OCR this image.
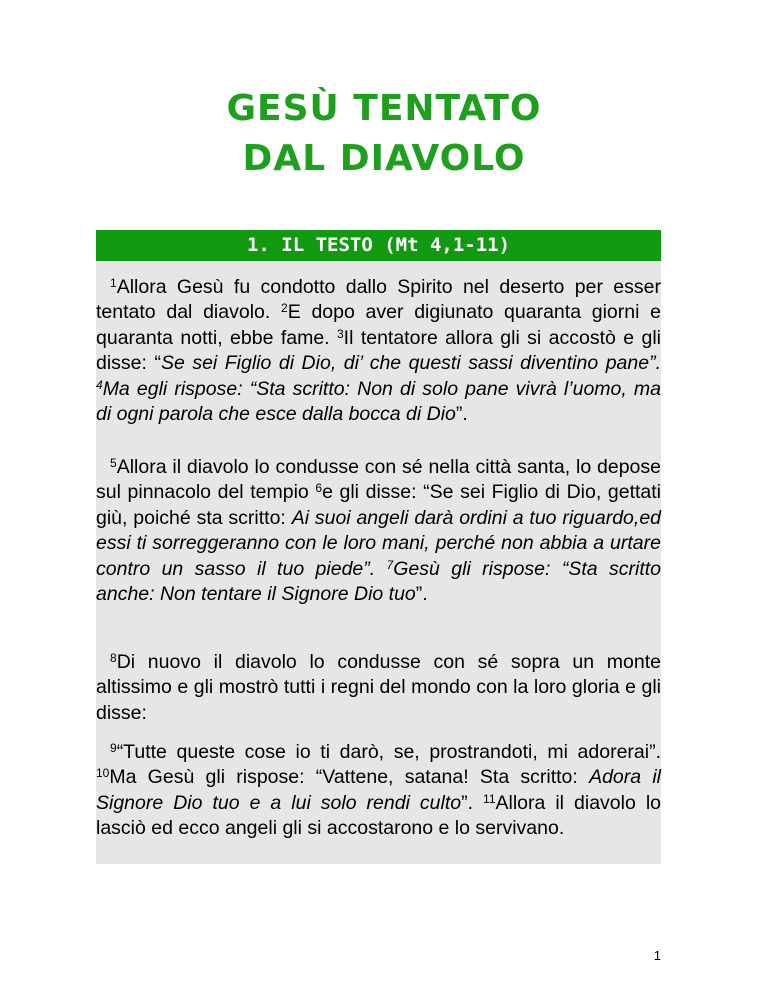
GESÙ TENTATO
DAL DIAVOLO
1. IL TESTO (Mt 4,1-11)
$^1$Allora Gesù fu condotto dallo Spirito nel deserto per esser tentato dal diavolo. $^2$E dopo aver digiunato quaranta giorni e quaranta notti, ebbe fame. $^3$Il tentatore allora gli si accostò e gli disse: “Se sei Figlio di Dio, di’ che questi sassi diventino pane”. $^4$Ma egli rispose: “Sta scritto: Non di solo pane vivrà l’uomo, ma di ogni parola che esce dalla bocca di Dio”.
$^5$Allora il diavolo lo condusse con sé nella città santa, lo depose sul pinnacolo del tempio $^6$e gli disse: “Se sei Figlio di Dio, gettati giù, poiché sta scritto: Ai suoi angeli darà ordini a tuo riguardo,ed essi ti sorreggeranno con le loro mani, perché non abbia a urtare contro un sasso il tuo piede”. $^7$Gesù gli rispose: “Sta scritto anche: Non tentare il Signore Dio tuo”.
$^8$Di nuovo il diavolo lo condusse con sé sopra un monte altissimo e gli mostrò tutti i regni del mondo con la loro gloria e gli disse:
$^9$“Tutte queste cose io ti darò, se, prostrandoti, mi adorerai”. $^{10}$Ma Gesù gli rispose: “Vattene, satana! Sta scritto: Adora il Signore Dio tuo e a lui solo rendi culto”. $^{11}$Allora il diavolo lo lasciò ed ecco angeli gli si accostarono e lo servivano.
1
